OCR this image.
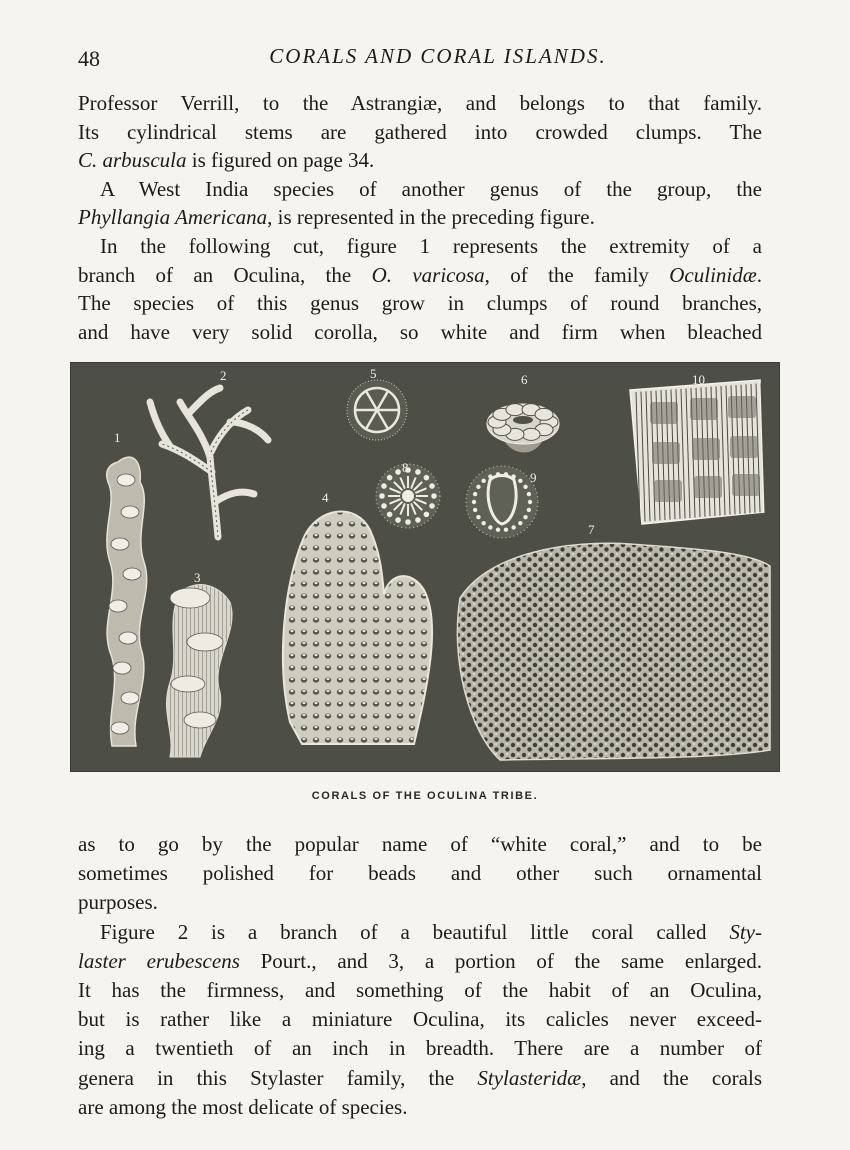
48	CORALS AND CORAL ISLANDS.
Professor Verrill, to the Astrangiæ, and belongs to that family.
Its cylindrical stems are gathered into crowded clumps. The
C. arbuscula is figured on page 34.
A West India species of another genus of the group, the
Phyllangia Americana, is represented in the preceding figure.
In the following cut, figure 1 represents the extremity of a
branch of an Oculina, the O. varicosa, of the family Oculinidæ.
The species of this genus grow in clumps of round branches,
and have very solid corolla, so white and firm when bleached
1
2
3
4
5	6
7
8
9
10
CORALS OF THE OCULINA TRIBE.
as to go by the popular name of “white coral,” and to be
sometimes polished for beads and other such ornamental
purposes.
Figure 2 is a branch of a beautiful little coral called Sty-
laster erubescens Pourt., and 3, a portion of the same enlarged.
It has the firmness, and something of the habit of an Oculina,
but is rather like a miniature Oculina, its calicles never exceed-
ing a twentieth of an inch in breadth. There are a number of
genera in this Stylaster family, the Stylasteridæ, and the corals
are among the most delicate of species.
